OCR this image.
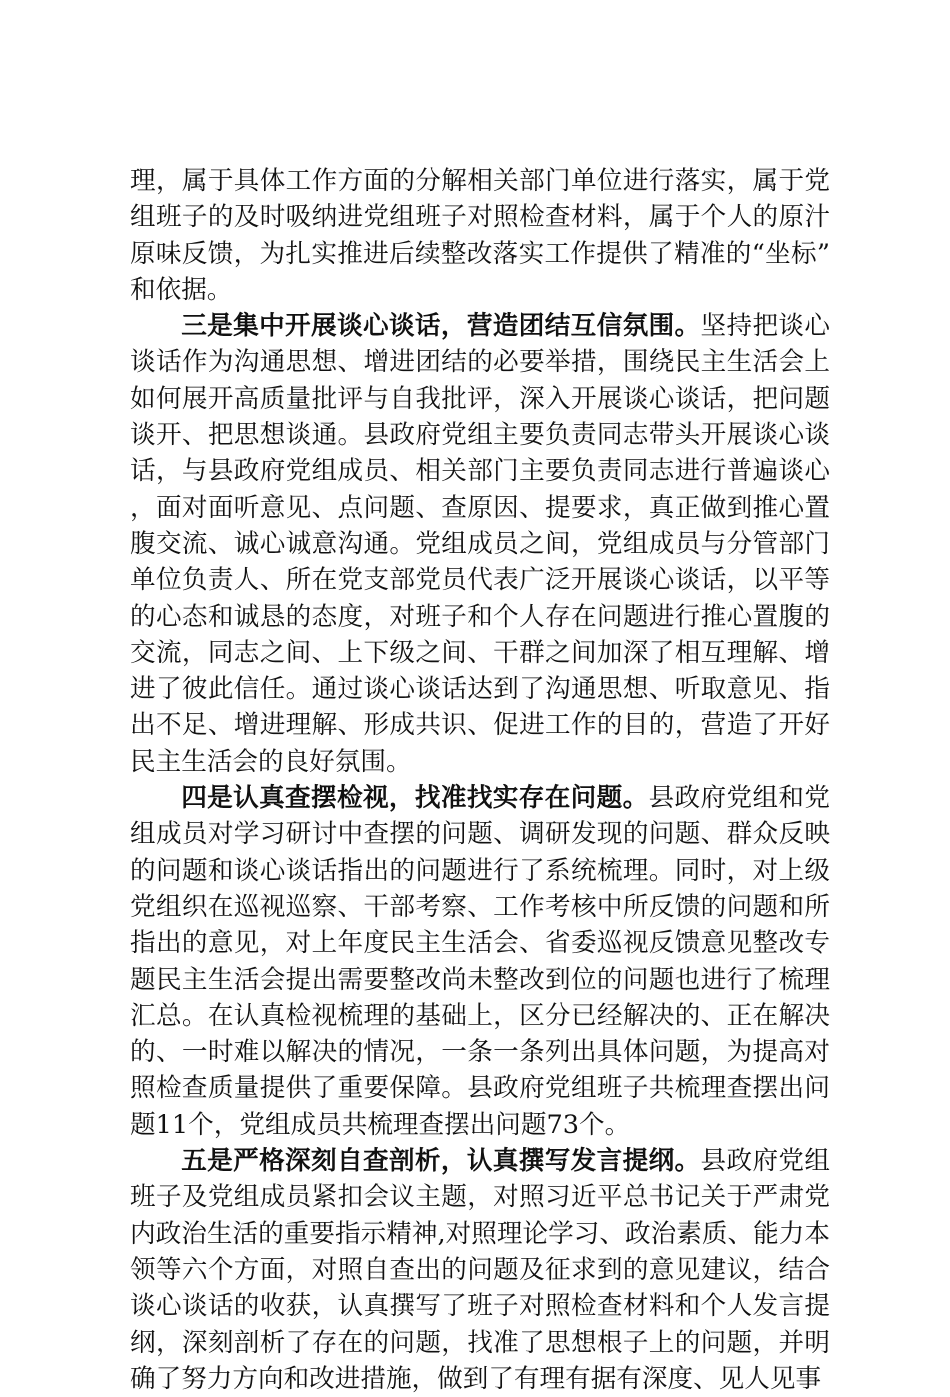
理，属于具体工作方面的分解相关部门单位进行落实，属于党组班子的及时吸纳进党组班子对照检查材料，属于个人的原汁原味反馈，为扎实推进后续整改落实工作提供了精准的“坐标”和依据。

三是集中开展谈心谈话，营造团结互信氛围。坚持把谈心谈话作为沟通思想、增进团结的必要举措，围绕民主生活会上如何展开高质量批评与自我批评，深入开展谈心谈话，把问题谈开、把思想谈通。县政府党组主要负责同志带头开展谈心谈话，与县政府党组成员、相关部门主要负责同志进行普遍谈心，面对面听意见、点问题、查原因、提要求，真正做到推心置腹交流、诚心诚意沟通。党组成员之间，党组成员与分管部门单位负责人、所在党支部党员代表广泛开展谈心谈话，以平等的心态和诚恳的态度，对班子和个人存在问题进行推心置腹的交流，同志之间、上下级之间、干群之间加深了相互理解、增进了彼此信任。通过谈心谈话达到了沟通思想、听取意见、指出不足、增进理解、形成共识、促进工作的目的，营造了开好民主生活会的良好氛围。

四是认真查摆检视，找准找实存在问题。县政府党组和党组成员对学习研讨中查摆的问题、调研发现的问题、群众反映的问题和谈心谈话指出的问题进行了系统梳理。同时，对上级党组织在巡视巡察、干部考察、工作考核中所反馈的问题和所指出的意见，对上年度民主生活会、省委巡视反馈意见整改专题民主生活会提出需要整改尚未整改到位的问题也进行了梳理汇总。在认真检视梳理的基础上，区分已经解决的、正在解决的、一时难以解决的情况，一条一条列出具体问题，为提高对照检查质量提供了重要保障。县政府党组班子共梳理查摆出问题11个，党组成员共梳理查摆出问题73个。

五是严格深刻自查剖析，认真撰写发言提纲。县政府党组班子及党组成员紧扣会议主题，对照习近平总书记关于严肃党内政治生活的重要指示精神,对照理论学习、政治素质、能力本领等六个方面，对照自查出的问题及征求到的意见建议，结合谈心谈话的收获，认真撰写了班子对照检查材料和个人发言提纲，深刻剖析了存在的问题，找准了思想根子上的问题，并明确了努力方向和改进措施，做到了有理有据有深度、见人见事
